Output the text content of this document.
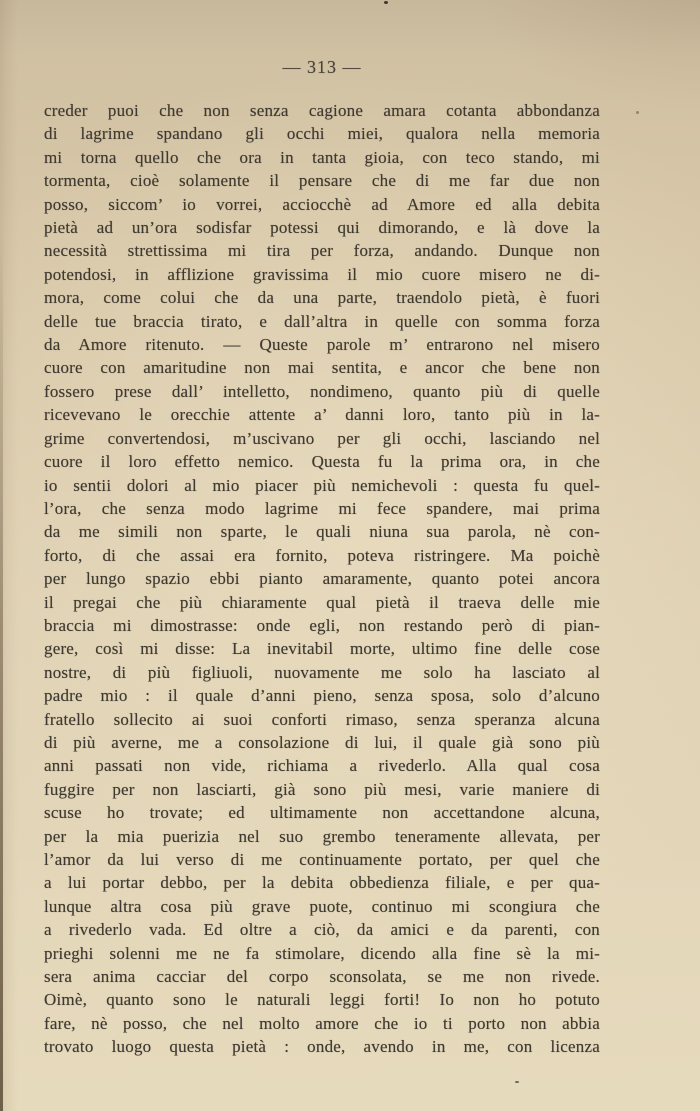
— 313 —
creder puoi che non senza cagione amara cotanta abbondanza
di lagrime spandano gli occhi miei, qualora nella memoria
mi torna quello che ora in tanta gioia, con teco stando, mi
tormenta, cioè solamente il pensare che di me far due non
posso, siccom’ io vorrei, acciocchè ad Amore ed alla debita
pietà ad un’ora sodisfar potessi qui dimorando, e là dove la
necessità strettissima mi tira per forza, andando. Dunque non
potendosi, in afflizione gravissima il mio cuore misero ne di-
mora, come colui che da una parte, traendolo pietà, è fuori
delle tue braccia tirato, e dall’altra in quelle con somma forza
da Amore ritenuto. — Queste parole m’ entrarono nel misero
cuore con amaritudine non mai sentita, e ancor che bene non
fossero prese dall’ intelletto, nondimeno, quanto più di quelle
ricevevano le orecchie attente a’ danni loro, tanto più in la-
grime convertendosi, m’uscivano per gli occhi, lasciando nel
cuore il loro effetto nemico. Questa fu la prima ora, in che
io sentii dolori al mio piacer più nemichevoli : questa fu quel-
l’ora, che senza modo lagrime mi fece spandere, mai prima
da me simili non sparte, le quali niuna sua parola, nè con-
forto, di che assai era fornito, poteva ristringere. Ma poichè
per lungo spazio ebbi pianto amaramente, quanto potei ancora
il pregai che più chiaramente qual pietà il traeva delle mie
braccia mi dimostrasse: onde egli, non restando però di pian-
gere, così mi disse: La inevitabil morte, ultimo fine delle cose
nostre, di più figliuoli, nuovamente me solo ha lasciato al
padre mio : il quale d’anni pieno, senza sposa, solo d’alcuno
fratello sollecito ai suoi conforti rimaso, senza speranza alcuna
di più averne, me a consolazione di lui, il quale già sono più
anni passati non vide, richiama a rivederlo. Alla qual cosa
fuggire per non lasciarti, già sono più mesi, varie maniere di
scuse ho trovate; ed ultimamente non accettandone alcuna,
per la mia puerizia nel suo grembo teneramente allevata, per
l’amor da lui verso di me continuamente portato, per quel che
a lui portar debbo, per la debita obbedienza filiale, e per qua-
lunque altra cosa più grave puote, continuo mi scongiura che
a rivederlo vada. Ed oltre a ciò, da amici e da parenti, con
prieghi solenni me ne fa stimolare, dicendo alla fine sè la mi-
sera anima cacciar del corpo sconsolata, se me non rivede.
Oimè, quanto sono le naturali leggi forti! Io non ho potuto
fare, nè posso, che nel molto amore che io ti porto non abbia
trovato luogo questa pietà : onde, avendo in me, con licenza
